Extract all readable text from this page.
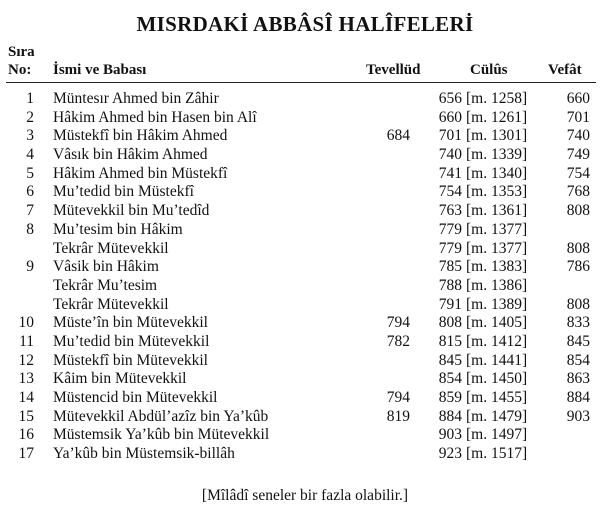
MISRDAKİ ABBÂSÎ HALÎFELERİ
Sıra
No:	İsmi ve Babası	Tevellüd	Cülûs	Vefât
1 Müntesır Ahmed bin Zâhir	656 [m. 1258]	660
2 Hâkim Ahmed bin Hasen bin Alî	660 [m. 1261]	701
3 Müstekfî bin Hâkim Ahmed	684	701 [m. 1301]	740
4 Vâsık bin Hâkim Ahmed	740 [m. 1339]	749
5 Hâkim Ahmed bin Müstekfî	741 [m. 1340]	754
6 Mu’tedid bin Müstekfî	754 [m. 1353]	768
7 Mütevekkil bin Mu’tedîd	763 [m. 1361]	808
8 Mu’tesim bin Hâkim	779 [m. 1377]
Tekrâr Mütevekkil	779 [m. 1377]	808
9 Vâsik bin Hâkim	785 [m. 1383]	786
Tekrâr Mu’tesim	788 [m. 1386]
Tekrâr Mütevekkil	791 [m. 1389]	808
10 Müste’în bin Mütevekkil	794	808 [m. 1405]	833
11 Mu’tedid bin Mütevekkil	782	815 [m. 1412]	845
12 Müstekfî bin Mütevekkil	845 [m. 1441]	854
13 Kâim bin Mütevekkil	854 [m. 1450]	863
14 Müstencid bin Mütevekkil	794	859 [m. 1455]	884
15 Mütevekkil Abdül’azîz bin Ya’kûb	819	884 [m. 1479]	903
16 Müstemsik Ya’kûb bin Mütevekkil	903 [m. 1497]
17 Ya’kûb bin Müstemsik-billâh	923 [m. 1517]
[Mîlâdî seneler bir fazla olabilir.]
